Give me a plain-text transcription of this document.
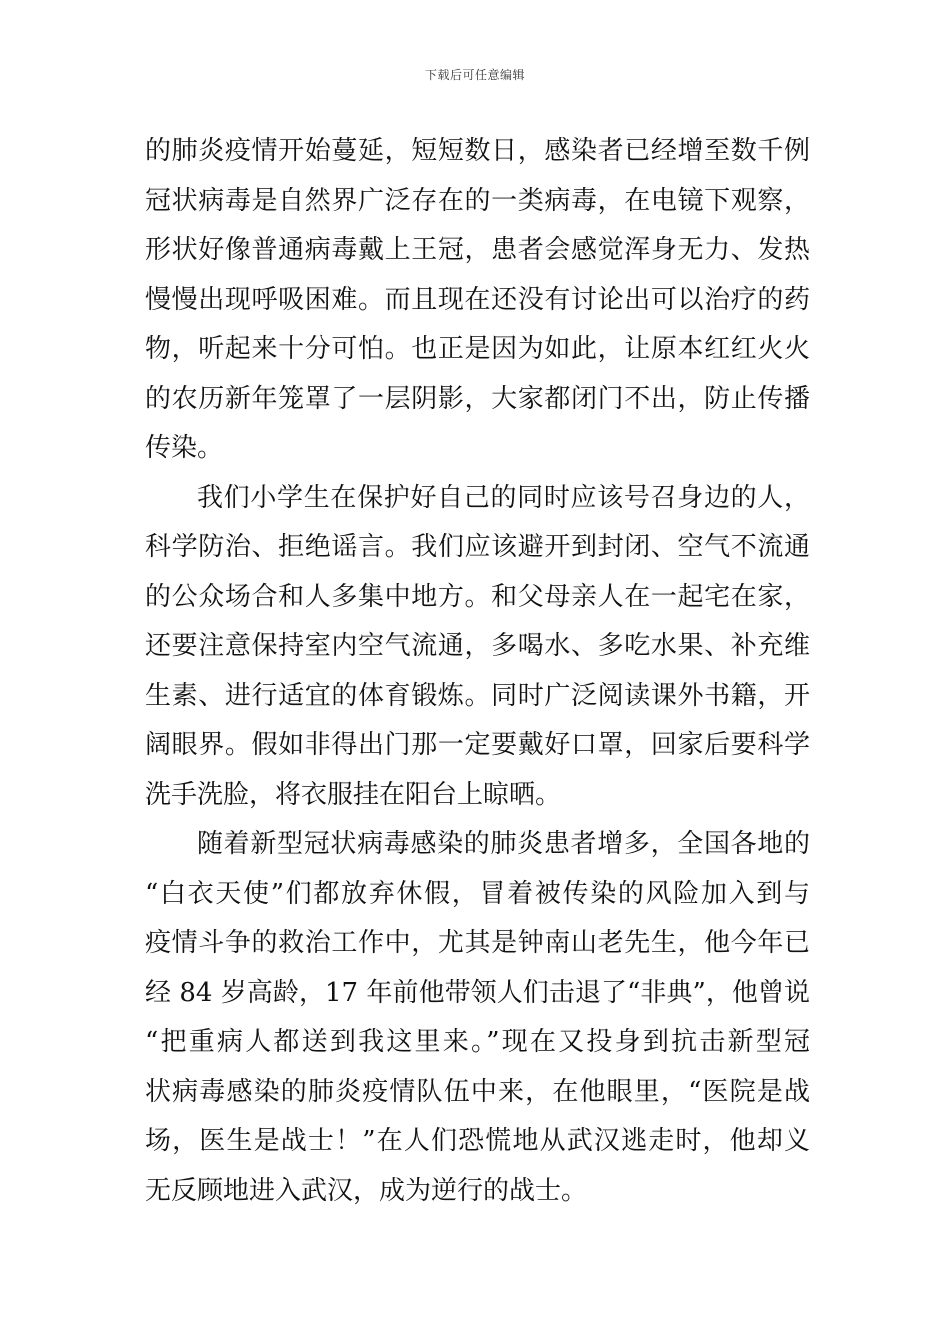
下载后可任意编辑
的肺炎疫情开始蔓延，短短数日，感染者已经增至数千例
冠状病毒是自然界广泛存在的一类病毒，在电镜下观察，
形状好像普通病毒戴上王冠，患者会感觉浑身无力、发热
慢慢出现呼吸困难。而且现在还没有讨论出可以治疗的药
物，听起来十分可怕。也正是因为如此，让原本红红火火
的农历新年笼罩了一层阴影，大家都闭门不出，防止传播
传染。
我们小学生在保护好自己的同时应该号召身边的人，
科学防治、拒绝谣言。我们应该避开到封闭、空气不流通
的公众场合和人多集中地方。和父母亲人在一起宅在家，
还要注意保持室内空气流通，多喝水、多吃水果、补充维
生素、进行适宜的体育锻炼。同时广泛阅读课外书籍，开
阔眼界。假如非得出门那一定要戴好口罩，回家后要科学
洗手洗脸，将衣服挂在阳台上晾晒。
随着新型冠状病毒感染的肺炎患者增多，全国各地的
“白衣天使”们都放弃休假，冒着被传染的风险加入到与
疫情斗争的救治工作中，尤其是钟南山老先生，他今年已
经 84 岁高龄，17 年前他带领人们击退了“非典”，他曾说
“把重病人都送到我这里来。”现在又投身到抗击新型冠
状病毒感染的肺炎疫情队伍中来，在他眼里，“医院是战
场，医生是战士！”在人们恐慌地从武汉逃走时，他却义
无反顾地进入武汉，成为逆行的战士。
